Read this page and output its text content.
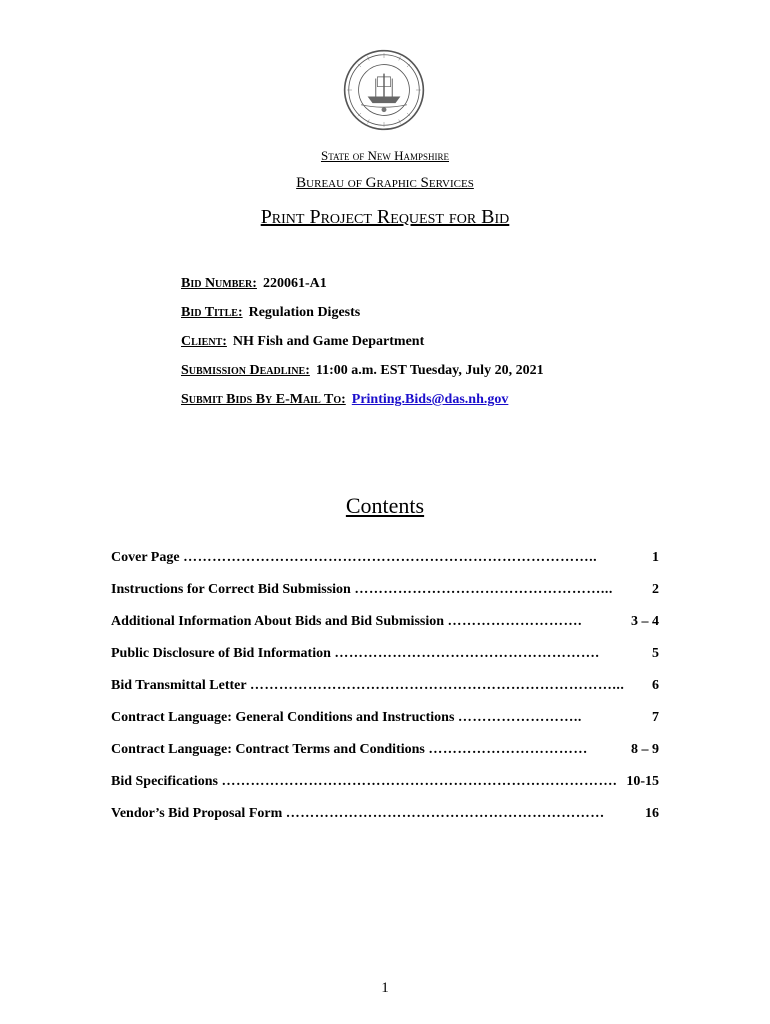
State of New Hampshire
Bureau of Graphic Services
Print Project Request for Bid
Bid Number: 220061-A1
Bid Title: Regulation Digests
Client: NH Fish and Game Department
Submission Deadline: 11:00 a.m. EST Tuesday, July 20, 2021
Submit Bids By E-Mail To: Printing.Bids@das.nh.gov
Contents
Cover Page …………………………………………………………………………..	1
Instructions for Correct Bid Submission ……………………………………………...	2
Additional Information About Bids and Bid Submission ……………………….	3 – 4
Public Disclosure of Bid Information ……………………………………………….	5
Bid Transmittal Letter …………………………………………………………………... 6
Contract Language: General Conditions and Instructions ……………………..	7
Contract Language: Contract Terms and Conditions ……………………………	8 – 9
Bid Specifications ………………………………………………………………………. 10-15
Vendor’s Bid Proposal Form …………………………………………………………	16
1
